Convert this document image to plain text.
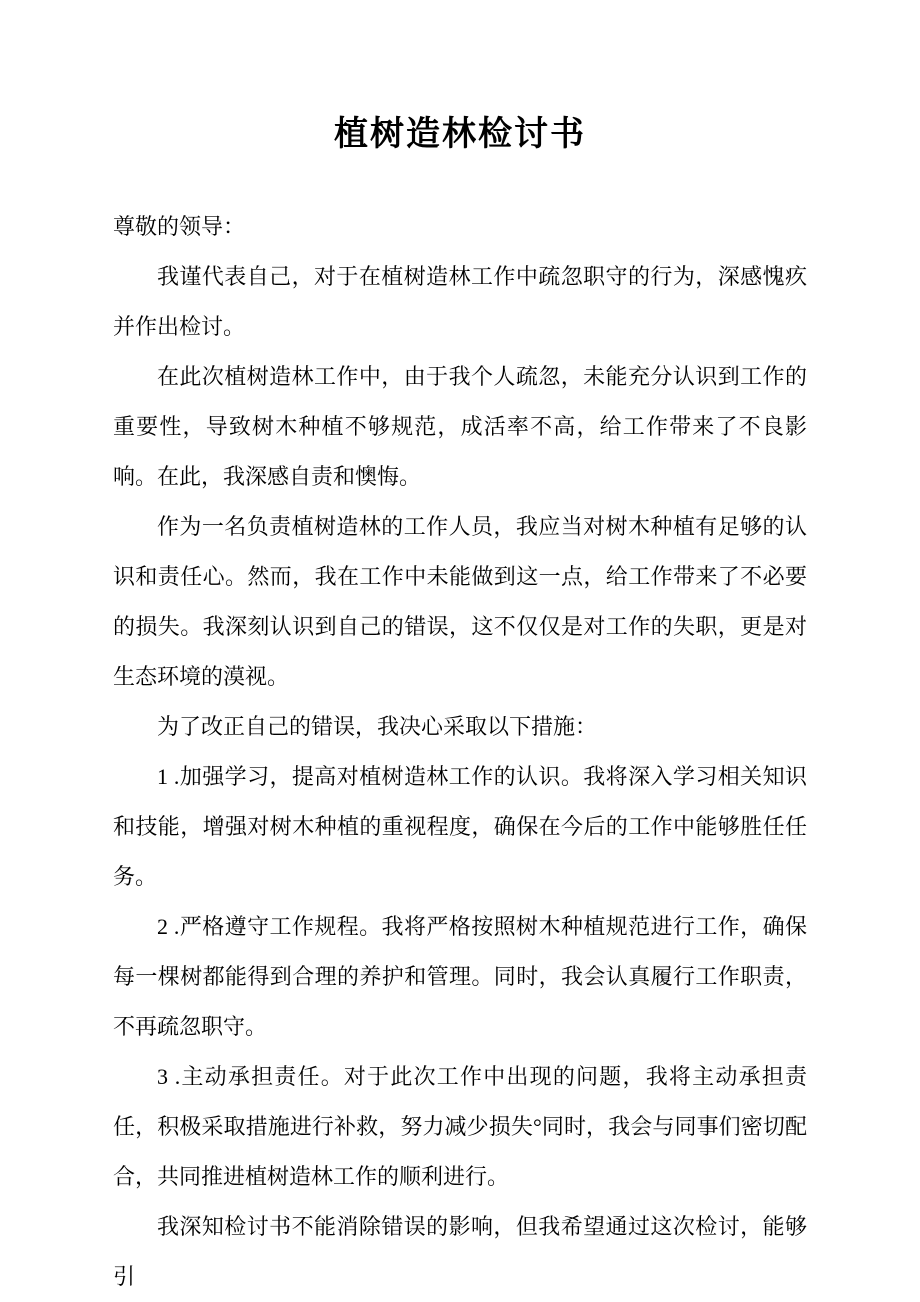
植树造林检讨书

尊敬的领导：

我谨代表自己，对于在植树造林工作中疏忽职守的行为，深感愧疚并作出检讨。

在此次植树造林工作中，由于我个人疏忽，未能充分认识到工作的重要性，导致树木种植不够规范，成活率不高，给工作带来了不良影响。在此，我深感自责和懊悔。

作为一名负责植树造林的工作人员，我应当对树木种植有足够的认识和责任心。然而，我在工作中未能做到这一点，给工作带来了不必要的损失。我深刻认识到自己的错误，这不仅仅是对工作的失职，更是对生态环境的漠视。

为了改正自己的错误，我决心采取以下措施：

1 .加强学习，提高对植树造林工作的认识。我将深入学习相关知识和技能，增强对树木种植的重视程度，确保在今后的工作中能够胜任任务。

2 .严格遵守工作规程。我将严格按照树木种植规范进行工作，确保每一棵树都能得到合理的养护和管理。同时，我会认真履行工作职责，不再疏忽职守。

3 .主动承担责任。对于此次工作中出现的问题，我将主动承担责任，积极采取措施进行补救，努力减少损失°同时，我会与同事们密切配合，共同推进植树造林工作的顺利进行。

我深知检讨书不能消除错误的影响，但我希望通过这次检讨，能够引
